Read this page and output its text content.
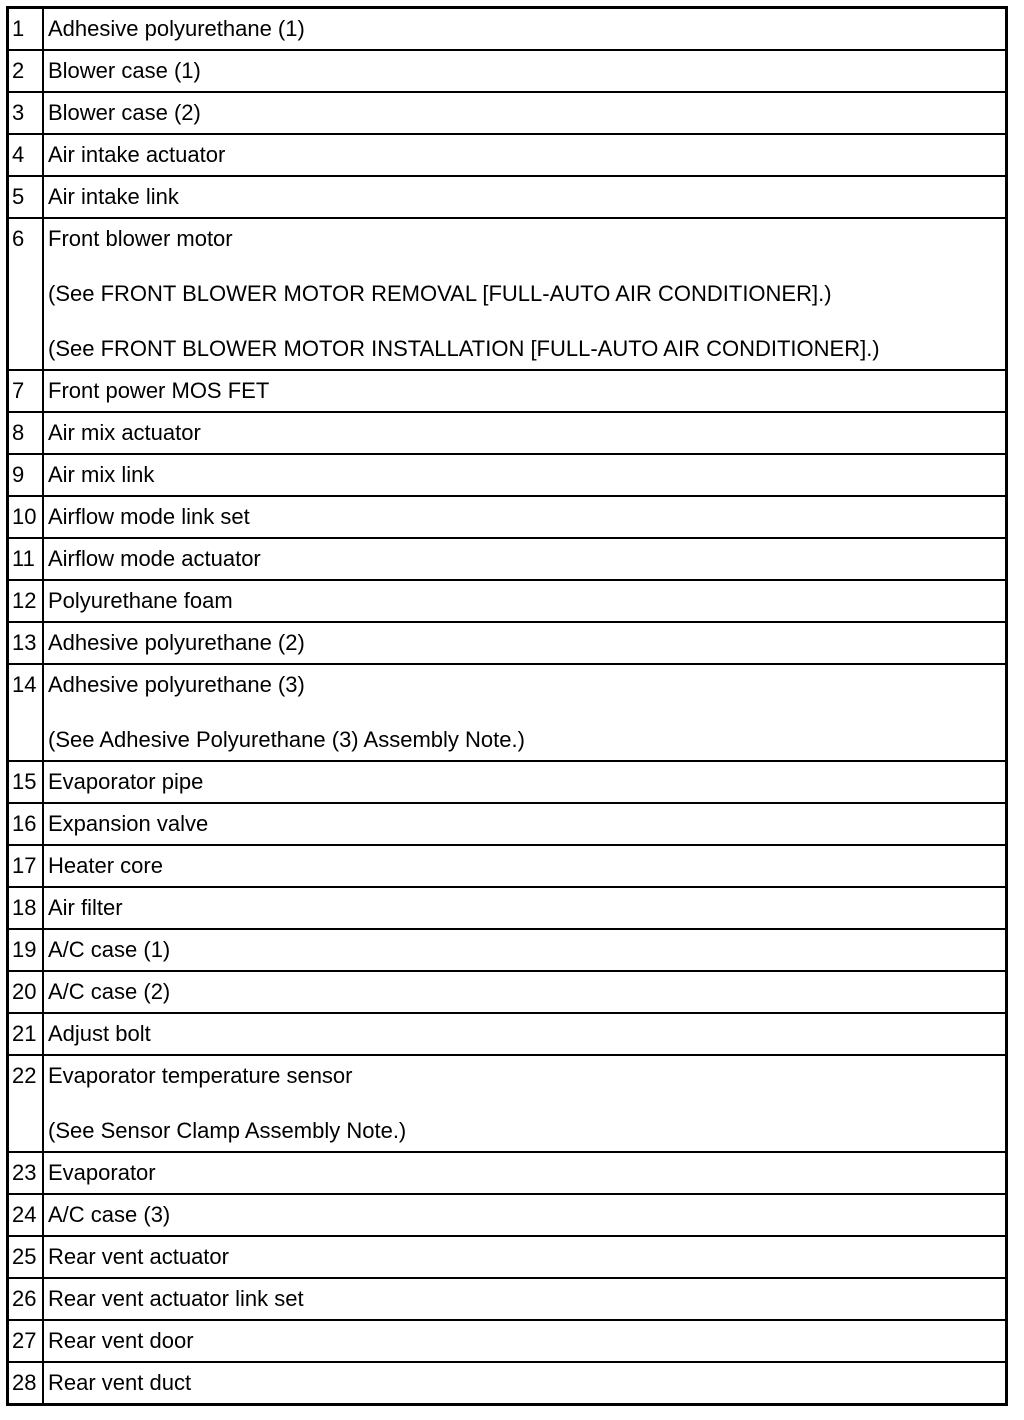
1	Adhesive polyurethane (1)

2	Blower case (1)

3	Blower case (2)

4	Air intake actuator

5	Air intake link

6	Front blower motor
(See FRONT BLOWER MOTOR REMOVAL [FULL-AUTO AIR CONDITIONER].)
(See FRONT BLOWER MOTOR INSTALLATION [FULL-AUTO AIR CONDITIONER].)

7	Front power MOS FET

8	Air mix actuator

9	Air mix link

10	Airflow mode link set

11	Airflow mode actuator

12	Polyurethane foam

13	Adhesive polyurethane (2)

14	Adhesive polyurethane (3)
(See Adhesive Polyurethane (3) Assembly Note.)

15	Evaporator pipe

16	Expansion valve

17	Heater core

18	Air filter

19	A/C case (1)

20	A/C case (2)

21	Adjust bolt

22	Evaporator temperature sensor
(See Sensor Clamp Assembly Note.)

23	Evaporator

24	A/C case (3)

25	Rear vent actuator

26	Rear vent actuator link set

27	Rear vent door

28	Rear vent duct
